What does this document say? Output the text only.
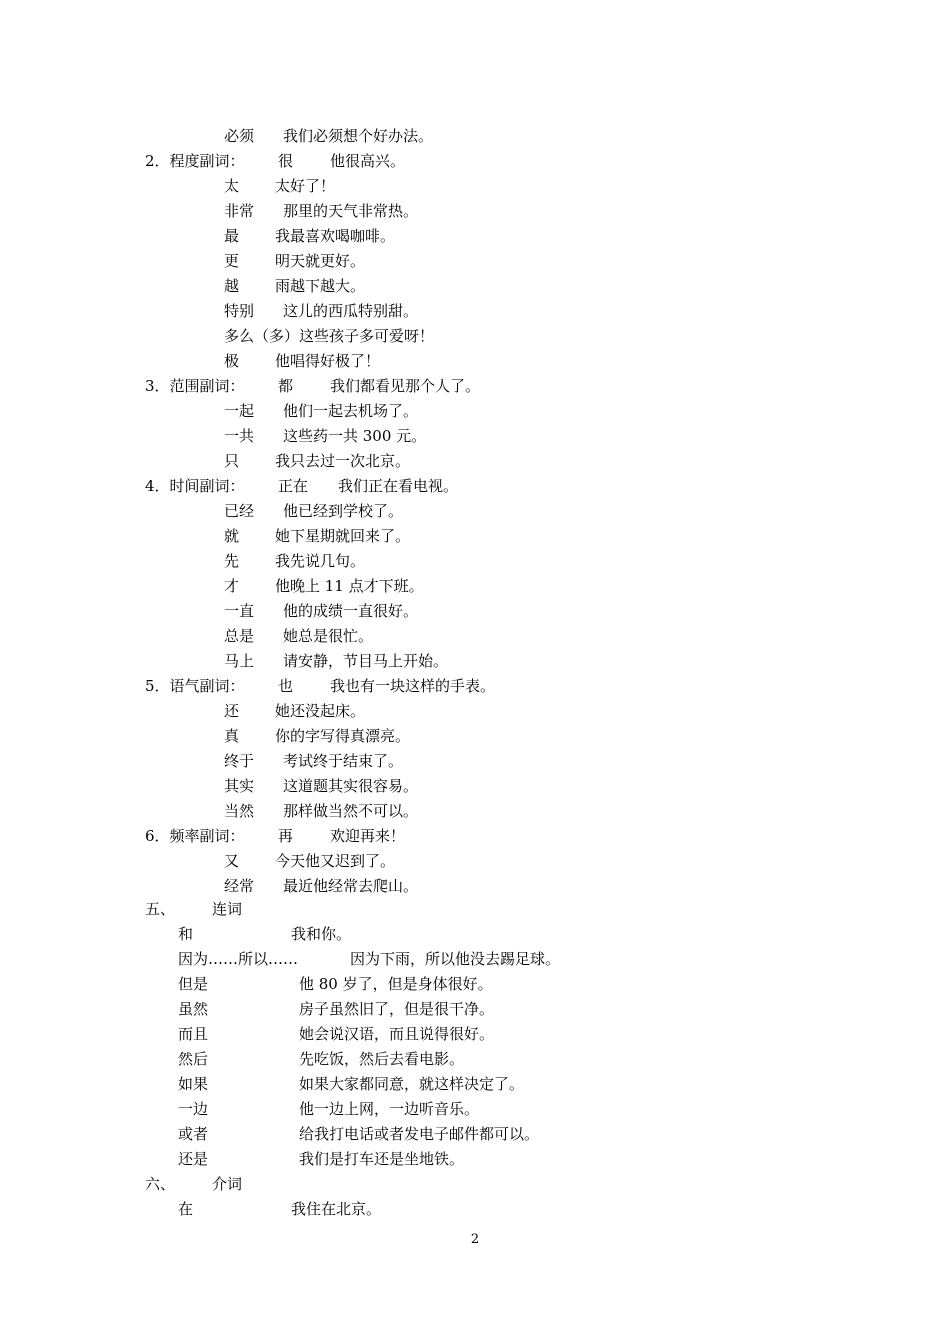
2
必须 我们必须想个好办法。
2．程度副词： 很 他很高兴。
太 太好了！
非常 那里的天气非常热。
最 我最喜欢喝咖啡。
更 明天就更好。
越 雨越下越大。
特别 这儿的西瓜特别甜。
多么（多）这些孩子多可爱呀！
极 他唱得好极了！
3．范围副词： 都 我们都看见那个人了。
一起 他们一起去机场了。
一共 这些药一共 300 元。
只 我只去过一次北京。
4．时间副词： 正在 我们正在看电视。
已经 他已经到学校了。
就 她下星期就回来了。
先 我先说几句。
才 他晚上 11 点才下班。
一直 他的成绩一直很好。
总是 她总是很忙。
马上 请安静，节目马上开始。
5．语气副词： 也 我也有一块这样的手表。
还 她还没起床。
真 你的字写得真漂亮。
终于 考试终于结束了。
其实 这道题其实很容易。
当然 那样做当然不可以。
6．频率副词： 再 欢迎再来！
又 今天他又迟到了。
经常 最近他经常去爬山。
五、 连词
和	我和你。
因为……所以……	因为下雨，所以他没去踢足球。
但是	他 80 岁了，但是身体很好。
虽然	房子虽然旧了，但是很干净。
而且	她会说汉语，而且说得很好。
然后	先吃饭，然后去看电影。
如果	如果大家都同意，就这样决定了。
一边	他一边上网，一边听音乐。
或者	给我打电话或者发电子邮件都可以。
还是	我们是打车还是坐地铁。
六、 介词
在	我住在北京。
